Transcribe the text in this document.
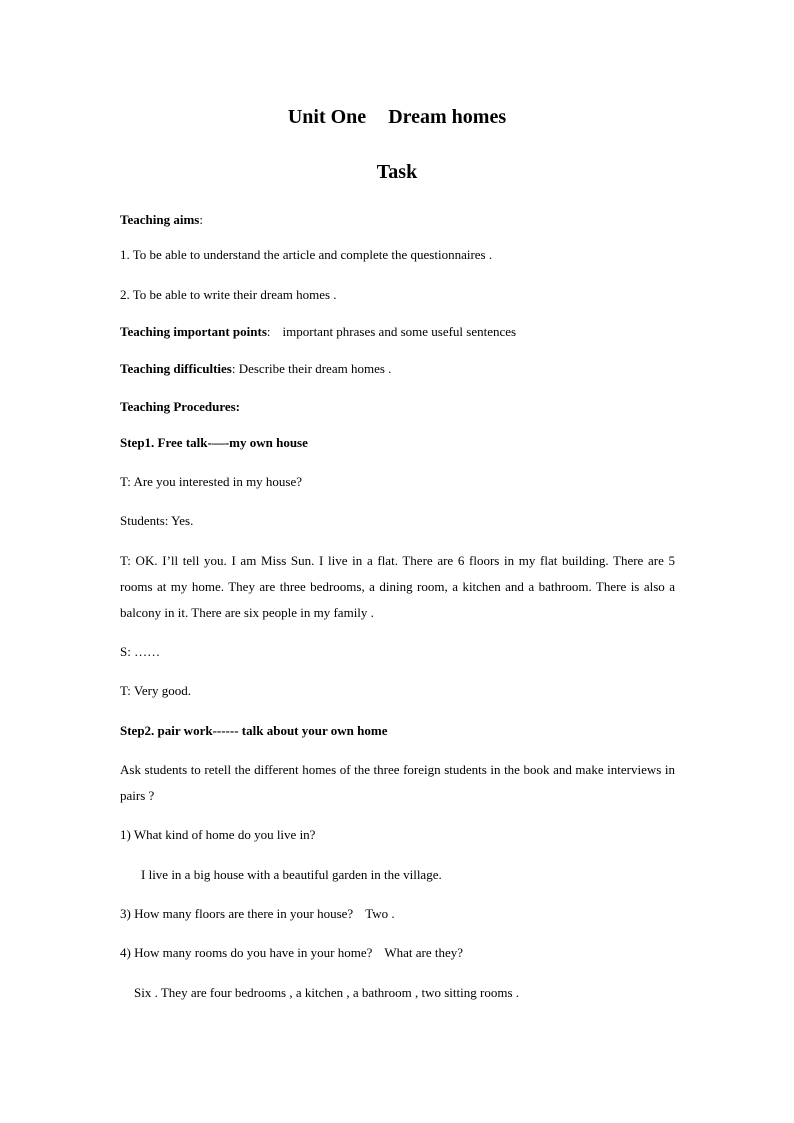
Unit One Dream homes
Task
Teaching aims:
1. To be able to understand the article and complete the questionnaires .
2. To be able to write their dream homes .
Teaching important points: important phrases and some useful sentences
Teaching difficulties: Describe their dream homes .
Teaching Procedures:
Step1. Free talk-—-my own house
T: Are you interested in my house?
Students: Yes.
T: OK. I’ll tell you. I am Miss Sun. I live in a flat. There are 6 floors in my flat building. There are 5 rooms at my home. They are three bedrooms, a dining room, a kitchen and a bathroom. There is also a balcony in it. There are six people in my family .
S: ……
T: Very good.
Step2. pair work------ talk about your own home
Ask students to retell the different homes of the three foreign students in the book and make interviews in pairs ?
1) What kind of home do you live in?
I live in a big house with a beautiful garden in the village.
3) How many floors are there in your house? Two .
4) How many rooms do you have in your home? What are they?
Six . They are four bedrooms , a kitchen , a bathroom , two sitting rooms .
